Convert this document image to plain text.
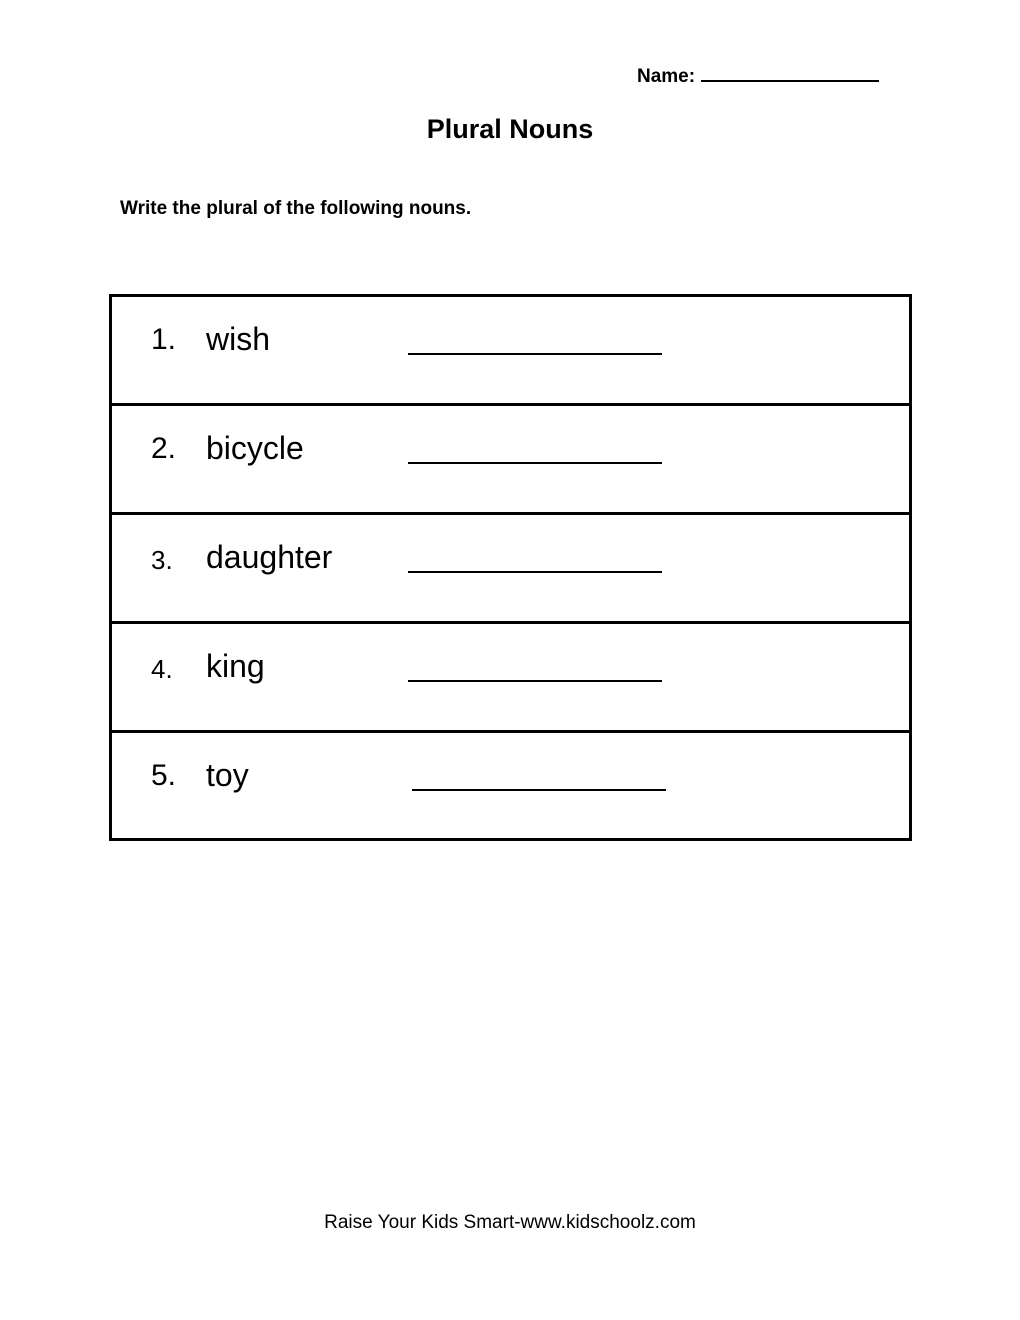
Name:
Plural Nouns
Write the plural of the following nouns.
1. wish
2. bicycle
3. daughter
4. king
5. toy
Raise Your Kids Smart-www.kidschoolz.com
